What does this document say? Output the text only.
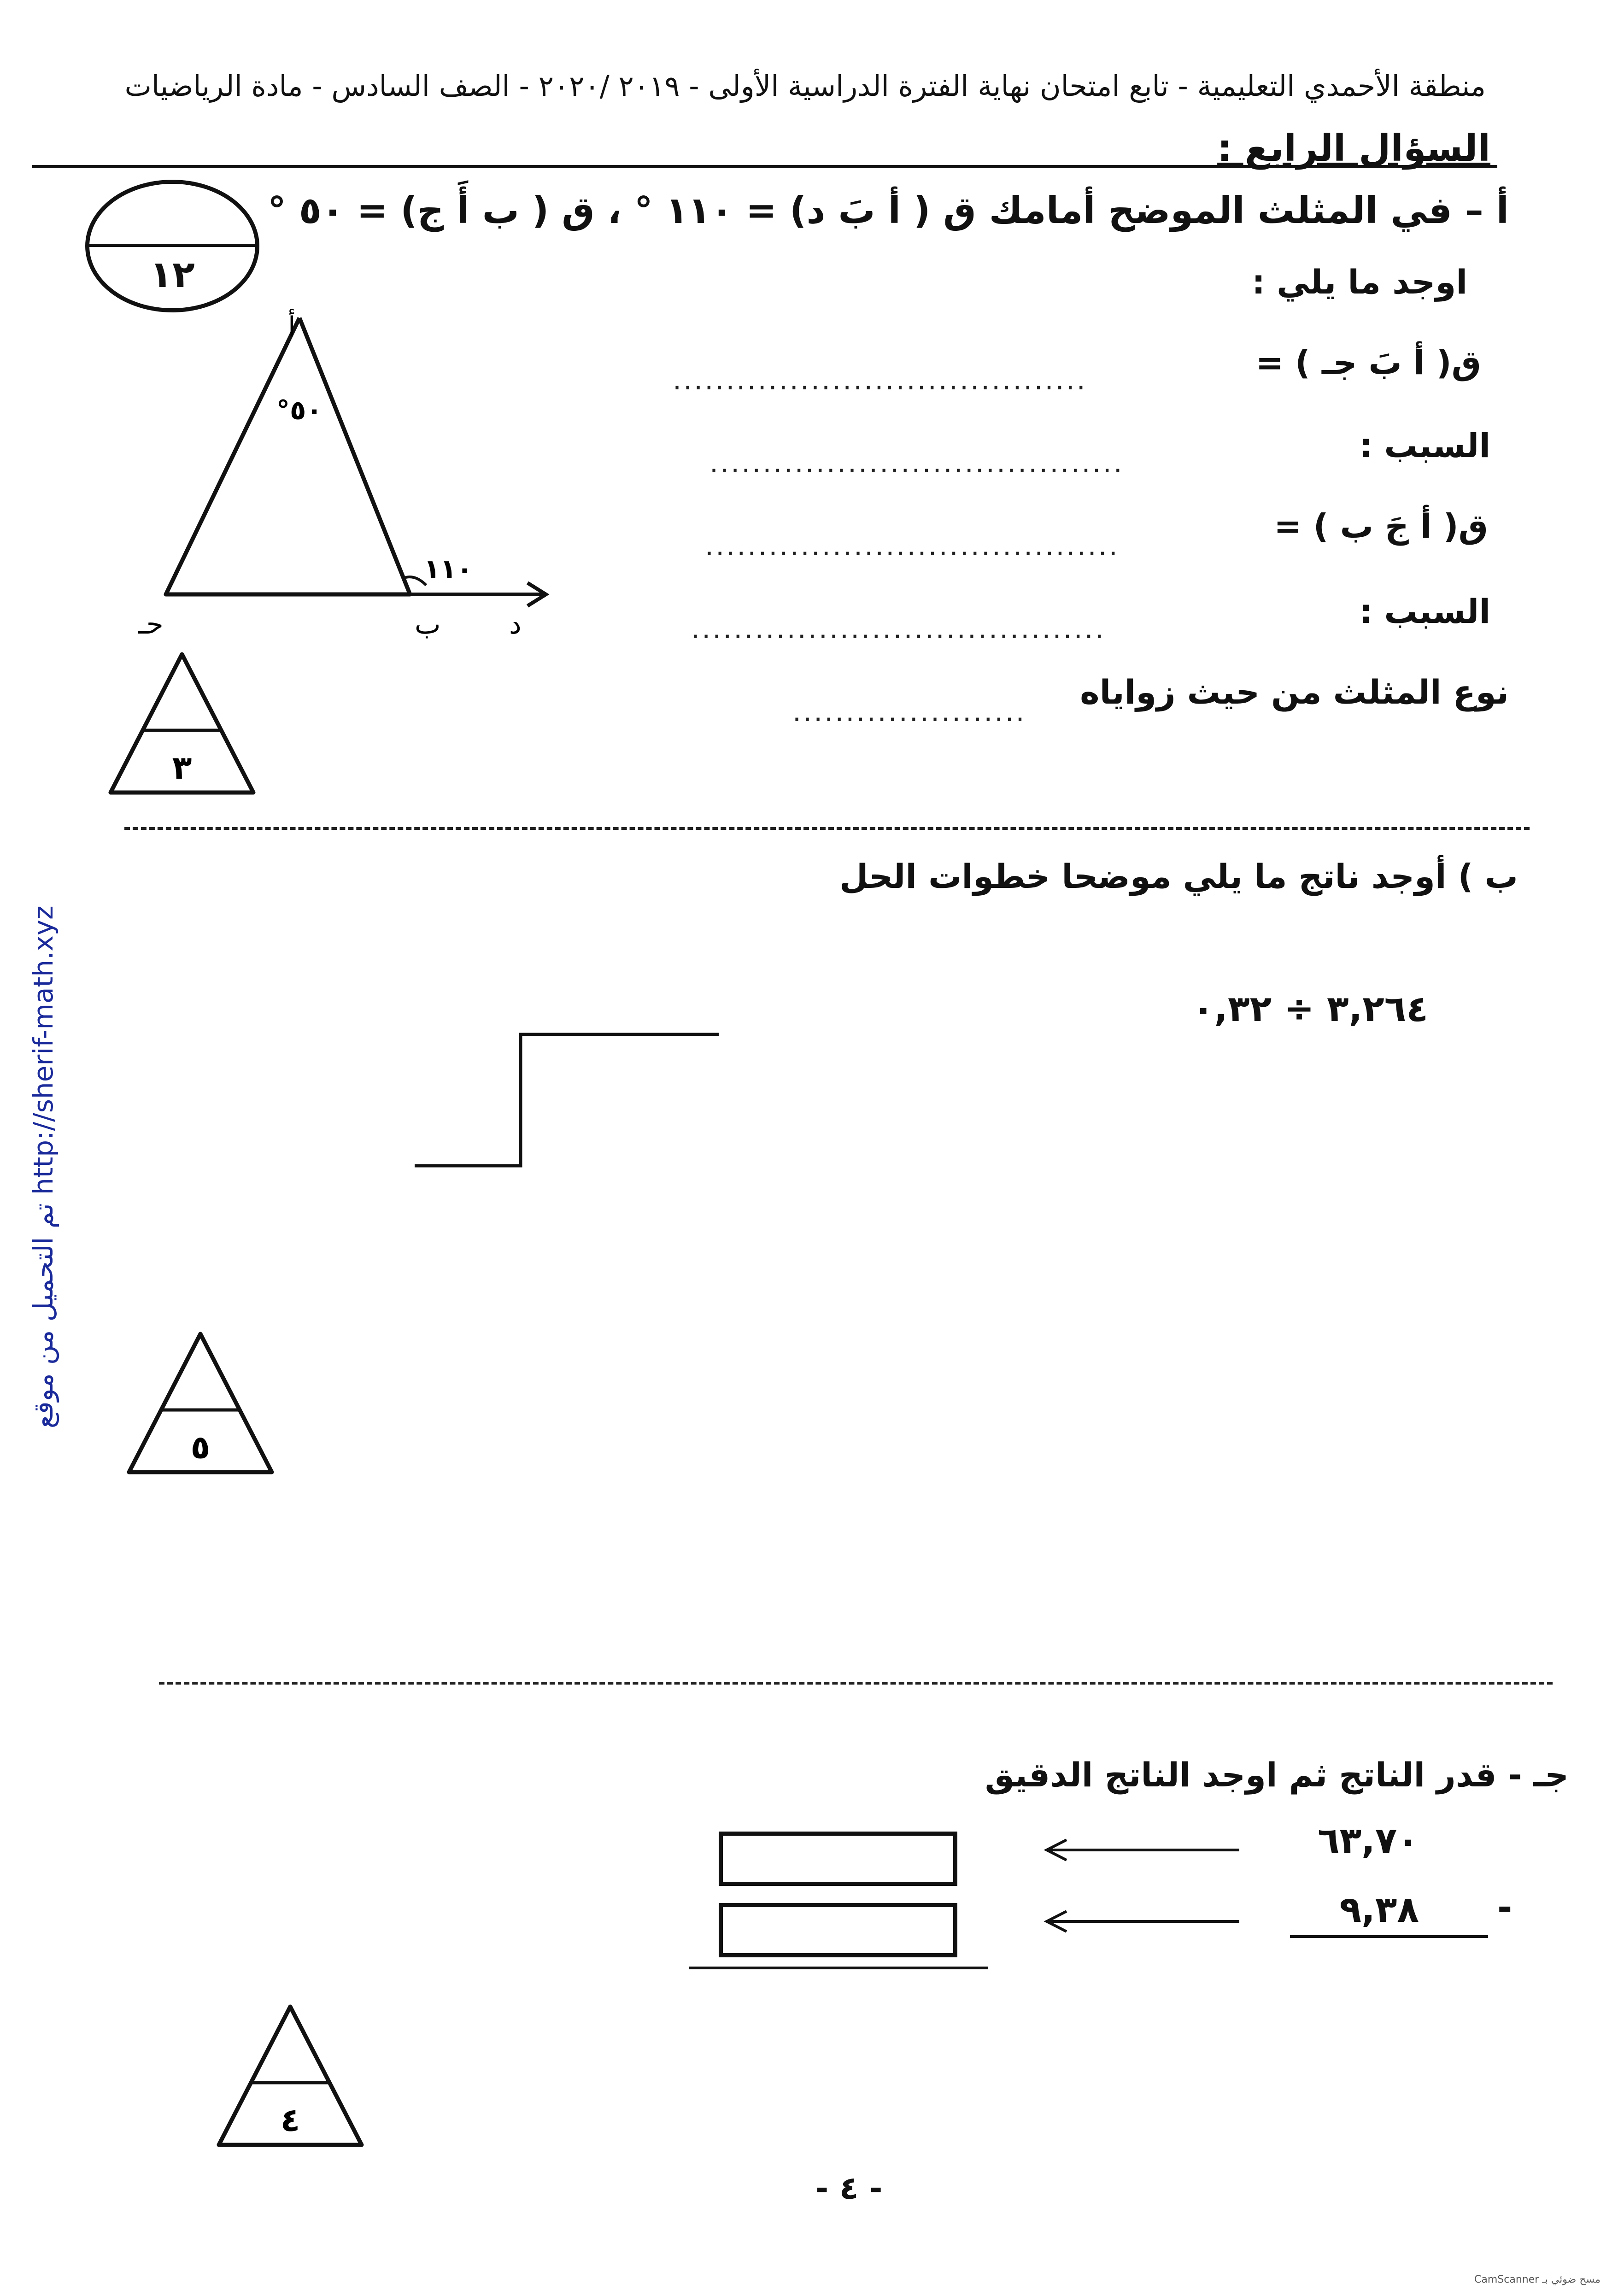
منطقة الأحمدي التعليمية - تابع امتحان نهاية الفترة الدراسية الأولى - ٢٠١٩ /٢٠٢٠ - الصف السادس - مادة الرياضيات
السؤال الرابع :
١٢
أ – في المثلث الموضح أمامك ق ( أ بَ د) = ١١٠ ° ، ق ( ب أَ ج) = ٥٠ °
اوجد ما يلي :
ق( أ بَ جـ ) =
.......................................
السبب :
.......................................
ق( أ جَ ب ) =
.......................................
السبب :
.......................................
نوع المثلث من حيث زواياه
......................
أ
°٥٠
١١٠
حـ	ب د
٣
ب ) أوجد ناتج ما يلي موضحا خطوات الحل
٣,٢٦٤ ÷ ٠,٣٢
٥
جـ - قدر الناتج ثم اوجد الناتج الدقيق
٦٣,٧٠
٩,٣٨ -
٤
تم التحميل من موقع http://sherif-math.xyz
- ٤ -
CamScanner مسح ضوئي بـ
